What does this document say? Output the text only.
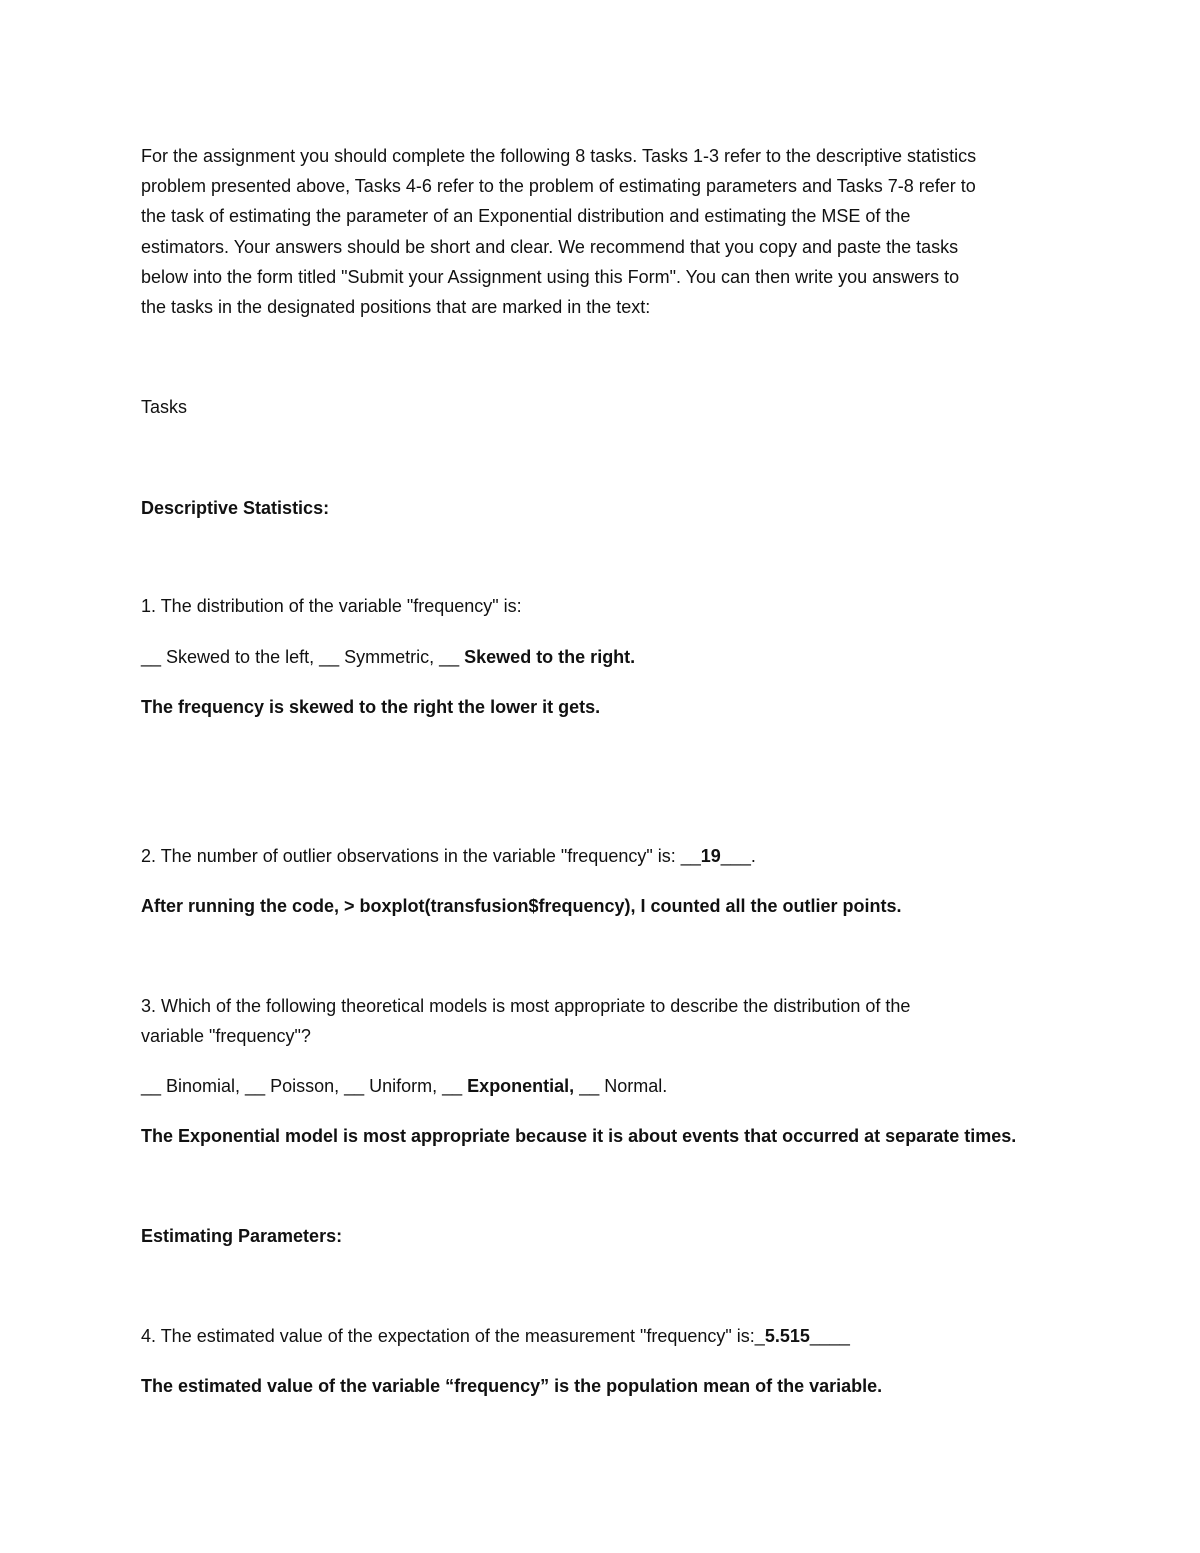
For the assignment you should complete the following 8 tasks. Tasks 1-3 refer to the descriptive statistics
problem presented above, Tasks 4-6 refer to the problem of estimating parameters and Tasks 7-8 refer to
the task of estimating the parameter of an Exponential distribution and estimating the MSE of the
estimators. Your answers should be short and clear. We recommend that you copy and paste the tasks
below into the form titled "Submit your Assignment using this Form". You can then write you answers to
the tasks in the designated positions that are marked in the text:

Tasks

Descriptive Statistics:

1. The distribution of the variable "frequency" is:

__ Skewed to the left, __ Symmetric, __ Skewed to the right.

The frequency is skewed to the right the lower it gets.

2. The number of outlier observations in the variable "frequency" is: __19___.

After running the code, > boxplot(transfusion$frequency), I counted all the outlier points.

3. Which of the following theoretical models is most appropriate to describe the distribution of the

variable "frequency"?

__ Binomial, __ Poisson, __ Uniform, __ Exponential, __ Normal.

The Exponential model is most appropriate because it is about events that occurred at separate times.

Estimating Parameters:

4. The estimated value of the expectation of the measurement "frequency" is:_5.515____

The estimated value of the variable “frequency” is the population mean of the variable.
